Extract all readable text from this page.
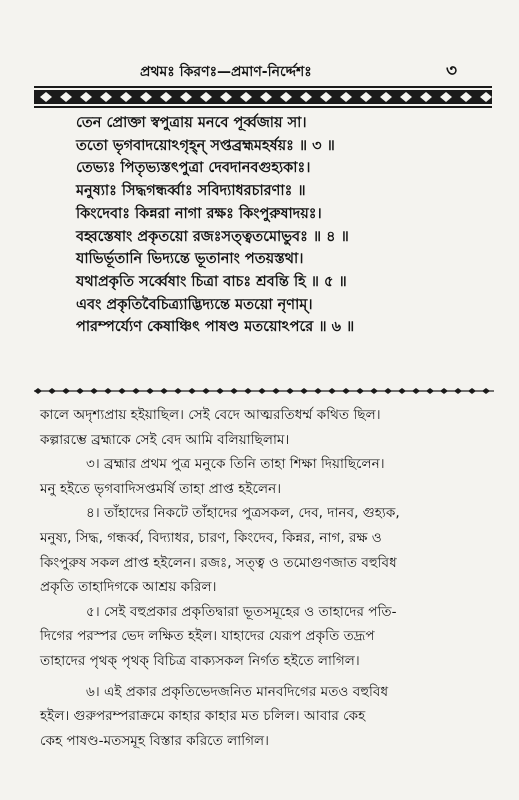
প্রথমঃ কিরণঃ—প্রমাণ-নির্দ্দেশঃ	৩
তেন প্রোক্তা স্বপুত্রায় মনবে পূর্ব্বজায় সা।
ততো ভৃগবাদয়োঽগৃহ্ন্ সপ্তব্রহ্মমহর্ষয়ঃ ॥ ৩ ॥
তেভ্যঃ পিতৃভ্যস্তৎপুত্রা দেবদানবগুহ্যকাঃ।
মনুষ্যাঃ সিদ্ধগন্ধর্ব্বাঃ সবিদ্যাধরচারণাঃ ॥
কিংদেবাঃ কিন্নরা নাগা রক্ষঃ কিংপুরুষাদয়ঃ।
বহ্বস্তেষাং প্রকৃতয়ো রজঃসত্ত্বতমোভুবঃ ॥ ৪ ॥
যাভির্ভূতানি ভিদ্যন্তে ভূতানাং পতয়স্তথা।
যথাপ্রকৃতি সর্ব্বেষাং চিত্রা বাচঃ শ্রবন্তি হি ॥ ৫ ॥
এবং প্রকৃতিবৈচিত্র্যাদ্ভিদ্যন্তে মতয়ো নৃণাম্।
পারম্পর্য্যেণ কেষাঞ্চিৎ পাষণ্ড মতয়োঽপরে ॥ ৬ ॥
কালে অদৃশ্যপ্রায় হইয়াছিল। সেই বেদে আত্মরতিধর্ম্ম কথিত ছিল।
কল্পারম্ভে ব্রহ্মাকে সেই বেদ আমি বলিয়াছিলাম।
৩। ব্রহ্মার প্রথম পুত্র মনুকে তিনি তাহা শিক্ষা দিয়াছিলেন।
মনু হইতে ভৃগবাদিসপ্তমর্ষি তাহা প্রাপ্ত হইলেন।
৪। তাঁহাদের নিকটে তাঁহাদের পুত্রসকল, দেব, দানব, গুহ্যক,
মনুষ্য, সিদ্ধ, গন্ধর্ব্ব, বিদ্যাধর, চারণ, কিংদেব, কিন্নর, নাগ, রক্ষ ও
কিংপুরুষ সকল প্রাপ্ত হইলেন। রজঃ, সত্ত্ব ও তমোগুণজাত বহুবিধ
প্রকৃতি তাহাদিগকে আশ্রয় করিল।
৫। সেই বহুপ্রকার প্রকৃতিদ্বারা ভূতসমূহের ও তাহাদের পতি-
দিগের পরস্পর ভেদ লক্ষিত হইল। যাহাদের যেরূপ প্রকৃতি তদ্রূপ
তাহাদের পৃথক্ পৃথক্ বিচিত্র বাক্যসকল নির্গত হইতে লাগিল।
৬। এই প্রকার প্রকৃতিভেদজনিত মানবদিগের মতও বহুবিধ
হইল। গুরুপরম্পরাক্রমে কাহার কাহার মত চলিল। আবার কেহ
কেহ পাষণ্ড-মতসমূহ বিস্তার করিতে লাগিল।
